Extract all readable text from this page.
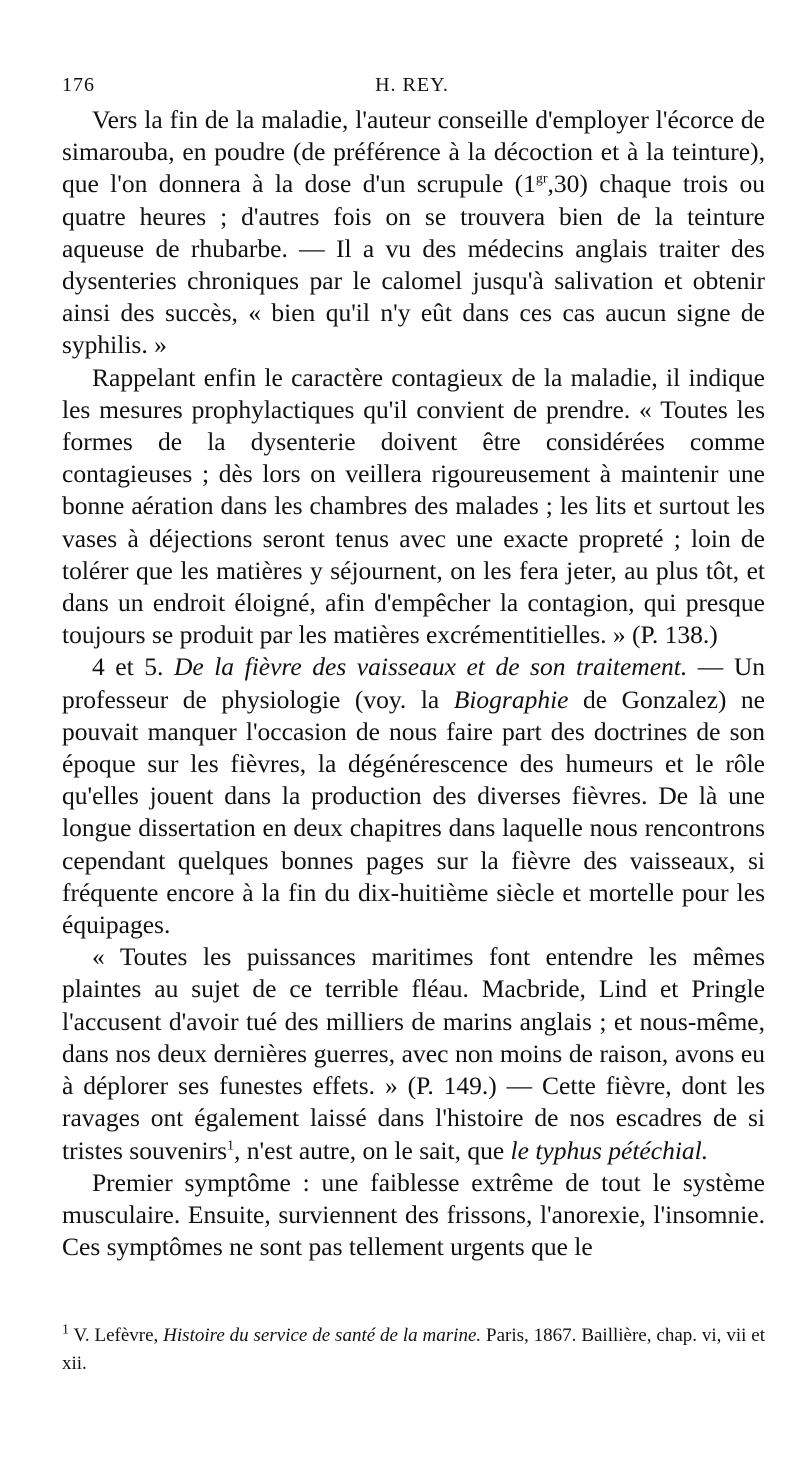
176	H. REY.

Vers la fin de la maladie, l'auteur conseille d'employer l'écorce de simarouba, en poudre (de préférence à la décoction et à la teinture), que l'on donnera à la dose d'un scrupule $(1^{gr},30)$ chaque trois ou quatre heures ; d'autres fois on se trouvera bien de la teinture aqueuse de rhubarbe. — Il a vu des médecins anglais traiter des dysenteries chroniques par le calomel jusqu'à salivation et obtenir ainsi des succès, « bien qu'il n'y eût dans ces cas aucun signe de syphilis. »

Rappelant enfin le caractère contagieux de la maladie, il indique les mesures prophylactiques qu'il convient de prendre. « Toutes les formes de la dysenterie doivent être considérées comme contagieuses ; dès lors on veillera rigoureusement à maintenir une bonne aération dans les chambres des malades ; les lits et surtout les vases à déjections seront tenus avec une exacte propreté ; loin de tolérer que les matières y séjournent, on les fera jeter, au plus tôt, et dans un endroit éloigné, afin d'empêcher la contagion, qui presque toujours se produit par les matières excrémentitielles. » (P. 138.)

4 et 5. De la fièvre des vaisseaux et de son traitement. — Un professeur de physiologie (voy. la Biographie de Gonzalez) ne pouvait manquer l'occasion de nous faire part des doctrines de son époque sur les fièvres, la dégénérescence des humeurs et le rôle qu'elles jouent dans la production des diverses fièvres. De là une longue dissertation en deux chapitres dans laquelle nous rencontrons cependant quelques bonnes pages sur la fièvre des vaisseaux, si fréquente encore à la fin du dix-huitième siècle et mortelle pour les équipages.

« Toutes les puissances maritimes font entendre les mêmes plaintes au sujet de ce terrible fléau. Macbride, Lind et Pringle l'accusent d'avoir tué des milliers de marins anglais ; et nous-même, dans nos deux dernières guerres, avec non moins de raison, avons eu à déplorer ses funestes effets. » (P. 149.) — Cette fièvre, dont les ravages ont également laissé dans l'histoire de nos escadres de si tristes souvenirs$^1$, n'est autre, on le sait, que le typhus pétéchial.

Premier symptôme : une faiblesse extrême de tout le système musculaire. Ensuite, surviennent des frissons, l'anorexie, l'insomnie. Ces symptômes ne sont pas tellement urgents que le

$^1$ V. Lefèvre, Histoire du service de santé de la marine. Paris, 1867. Baillière, chap. vi, vii et xii.
